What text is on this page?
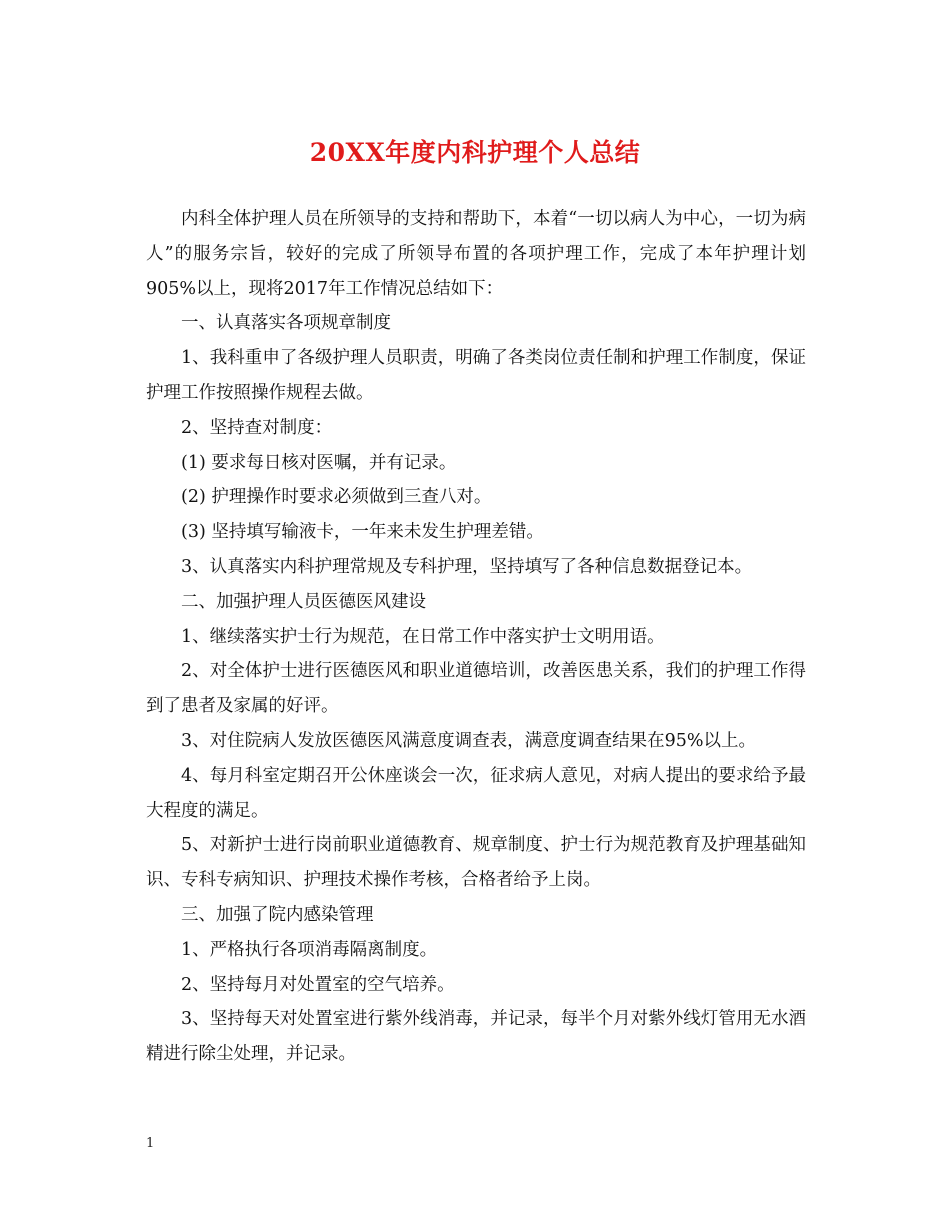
20XX年度内科护理个人总结

内科全体护理人员在所领导的支持和帮助下，本着“一切以病人为中心，一切为病人”的服务宗旨，较好的完成了所领导布置的各项护理工作，完成了本年护理计划905%以上，现将2017年工作情况总结如下：

一、认真落实各项规章制度

1、我科重申了各级护理人员职责，明确了各类岗位责任制和护理工作制度，保证护理工作按照操作规程去做。

2、坚持查对制度：

(1) 要求每日核对医嘱，并有记录。

(2) 护理操作时要求必须做到三查八对。

(3) 坚持填写输液卡，一年来未发生护理差错。

3、认真落实内科护理常规及专科护理，坚持填写了各种信息数据登记本。

二、加强护理人员医德医风建设

1、继续落实护士行为规范，在日常工作中落实护士文明用语。

2、对全体护士进行医德医风和职业道德培训，改善医患关系，我们的护理工作得到了患者及家属的好评。

3、对住院病人发放医德医风满意度调查表，满意度调查结果在95%以上。

4、每月科室定期召开公休座谈会一次，征求病人意见，对病人提出的要求给予最大程度的满足。

5、对新护士进行岗前职业道德教育、规章制度、护士行为规范教育及护理基础知识、专科专病知识、护理技术操作考核，合格者给予上岗。

三、加强了院内感染管理

1、严格执行各项消毒隔离制度。

2、坚持每月对处置室的空气培养。

3、坚持每天对处置室进行紫外线消毒，并记录，每半个月对紫外线灯管用无水酒精进行除尘处理，并记录。

1
